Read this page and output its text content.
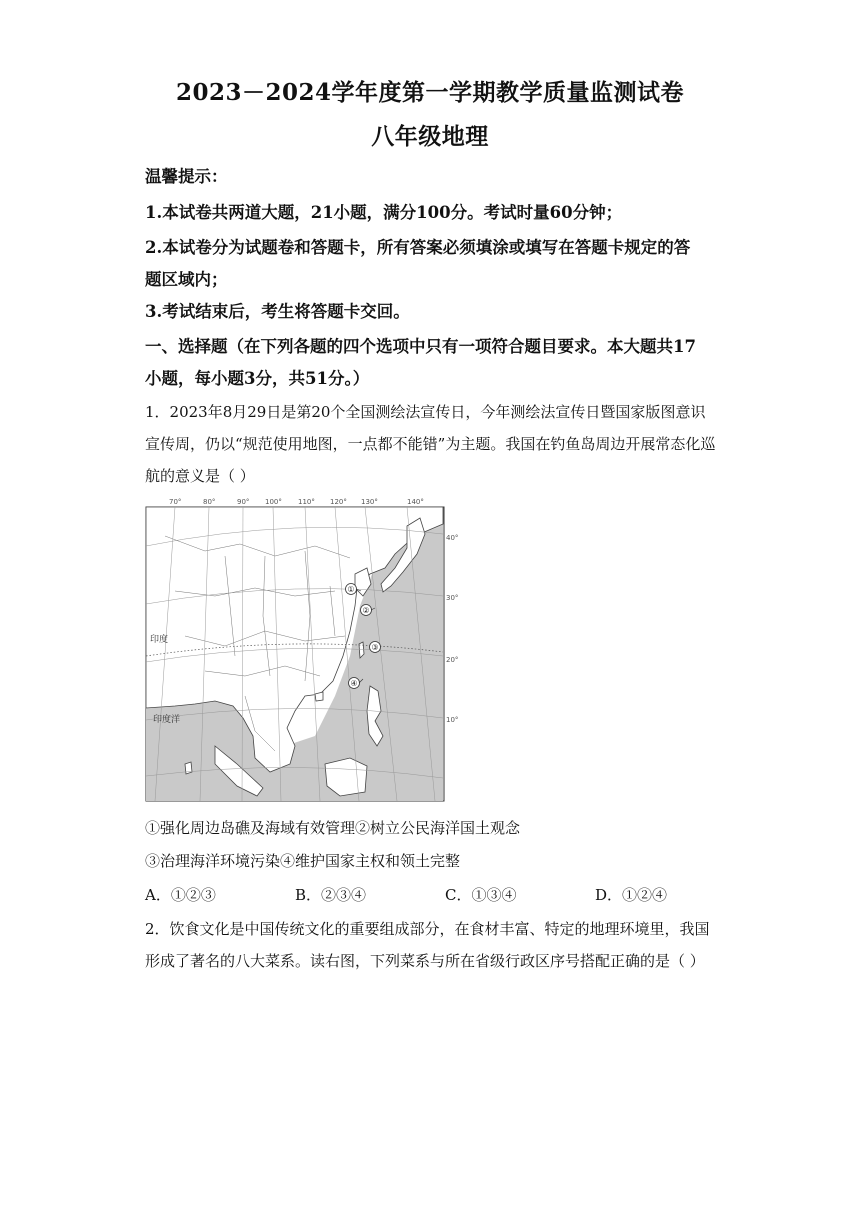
2023－2024学年度第一学期教学质量监测试卷
八年级地理
温馨提示：
1.本试卷共两道大题，21小题，满分100分。考试时量60分钟；
2.本试卷分为试题卷和答题卡，所有答案必须填涂或填写在答题卡规定的答
题区域内；
3.考试结束后，考生将答题卡交回。
一、选择题（在下列各题的四个选项中只有一项符合题目要求。本大题共17
小题，每小题3分，共51分。）
1．2023年8月29日是第20个全国测绘法宣传日，今年测绘法宣传日暨国家版图意识
宣传周，仍以“规范使用地图，一点都不能错”为主题。我国在钓鱼岛周边开展常态化巡
航的意义是（ ）
70°	80°	90° 100° 110° 120° 130°	140°
40°
30°
20°
10°
印度
印度洋
①
②
③
④
①强化周边岛礁及海域有效管理②树立公民海洋国土观念
③治理海洋环境污染④维护国家主权和领土完整
A．①②③	B．②③④	C．①③④	D．①②④
2．饮食文化是中国传统文化的重要组成部分，在食材丰富、特定的地理环境里，我国
形成了著名的八大菜系。读右图，下列菜系与所在省级行政区序号搭配正确的是（ ）
